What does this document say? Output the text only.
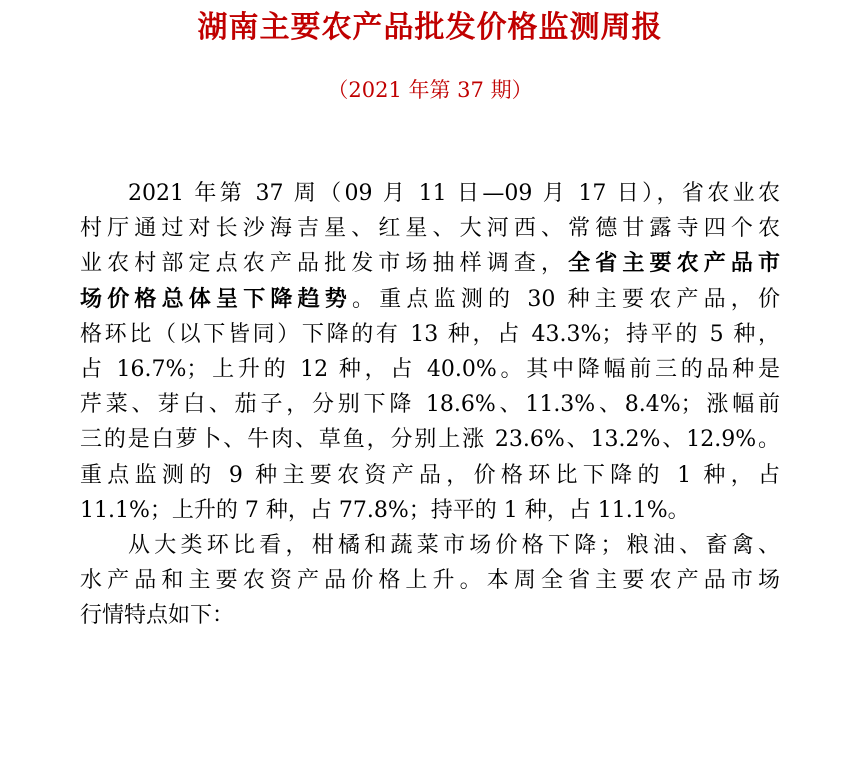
湖南主要农产品批发价格监测周报
（2021 年第 37 期）
2021 年第 37 周（09 月 11 日—09 月 17 日），省农业农
村厅通过对长沙海吉星、红星、大河西、常德甘露寺四个农
业农村部定点农产品批发市场抽样调查，全省主要农产品市
场价格总体呈下降趋势。重点监测的 30 种主要农产品，价
格环比（以下皆同）下降的有 13 种，占 43.3%；持平的 5 种，
占 16.7%；上升的 12 种，占 40.0%。其中降幅前三的品种是
芹菜、芽白、茄子，分别下降 18.6%、11.3%、8.4%；涨幅前
三的是白萝卜、牛肉、草鱼，分别上涨 23.6%、13.2%、12.9%。
重点监测的 9 种主要农资产品，价格环比下降的 1 种，占
11.1%；上升的 7 种，占 77.8%；持平的 1 种，占 11.1%。
从大类环比看，柑橘和蔬菜市场价格下降；粮油、畜禽、
水产品和主要农资产品价格上升。本周全省主要农产品市场
行情特点如下：
